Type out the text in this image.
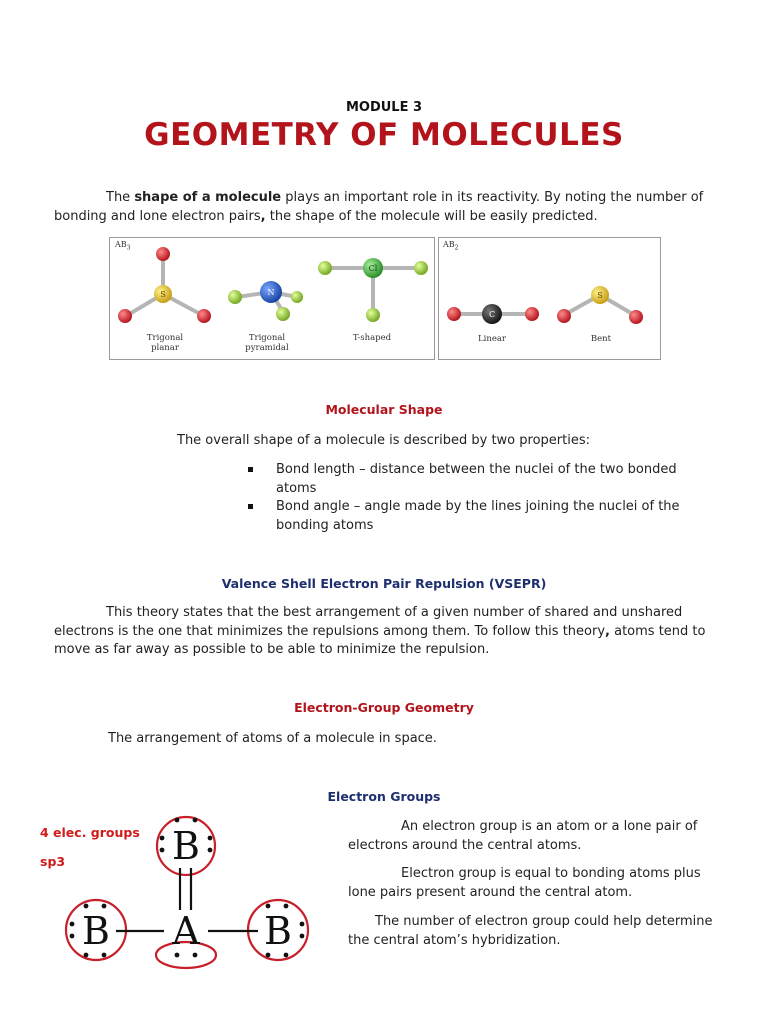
MODULE 3
GEOMETRY OF MOLECULES
The shape of a molecule plays an important role in its reactivity. By noting the number of bonding and lone electron pairs, the shape of the molecule will be easily predicted.
$AB_3$	$AB_2$
S	N
Cl
C
S
Trigonal
planar
Trigonal
pyramidal
T-shaped	Linear	Bent
Molecular Shape
The overall shape of a molecule is described by two properties:
Bond length – distance between the nuclei of the two bonded atoms
Bond angle – angle made by the lines joining the nuclei of the bonding atoms
Valence Shell Electron Pair Repulsion (VSEPR)
This theory states that the best arrangement of a given number of shared and unshared electrons is the one that minimizes the repulsions among them. To follow this theory, atoms tend to move as far away as possible to be able to minimize the repulsion.
Electron-Group Geometry
The arrangement of atoms of a molecule in space.
Electron Groups
An electron group is an atom or a lone pair of electrons around the central atoms.
Electron group is equal to bonding atoms plus lone pairs present around the central atom.
The number of electron group could help determine the central atom’s hybridization.
4 elec. groups
sp3	B
B	B
A
